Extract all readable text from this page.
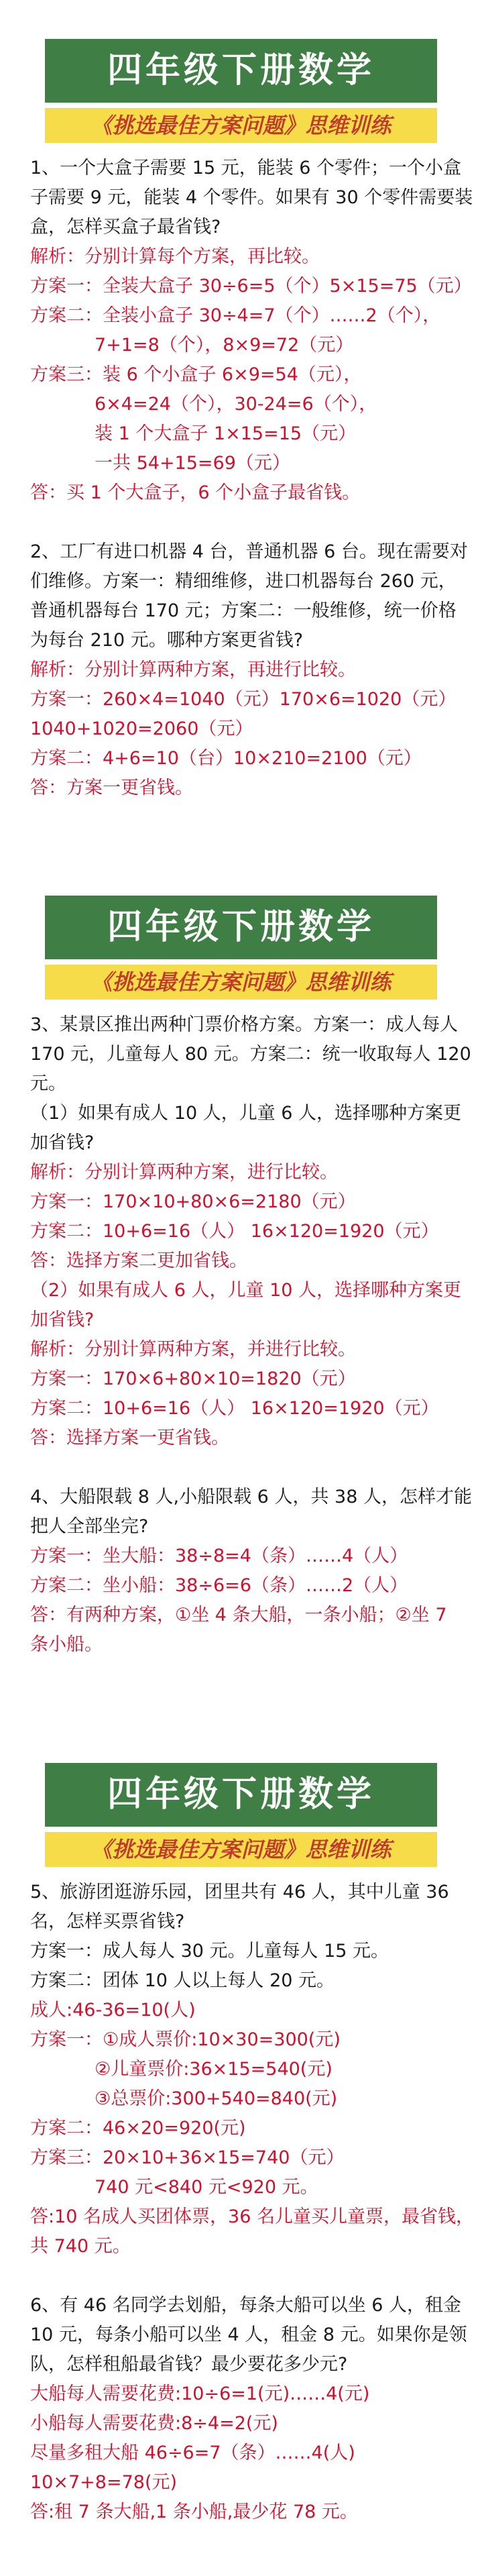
四年级下册数学
《挑选最佳方案问题》思维训练
1、一个大盒子需要 15 元，能装 6 个零件；一个小盒
子需要 9 元，能装 4 个零件。如果有 30 个零件需要装
盒，怎样买盒子最省钱?
解析：分别计算每个方案，再比较。
方案一：全装大盒子 30÷6=5（个）5×15=75（元）
方案二：全装小盒子 30÷4=7（个）……2（个），
7+1=8（个），8×9=72（元）
方案三：装 6 个小盒子 6×9=54（元），
6×4=24（个），30-24=6（个），
装 1 个大盒子 1×15=15（元）
一共 54+15=69（元）
答：买 1 个大盒子，6 个小盒子最省钱。
2、工厂有进口机器 4 台，普通机器 6 台。现在需要对
们维修。方案一：精细维修，进口机器每台 260 元，
普通机器每台 170 元；方案二：一般维修，统一价格
为每台 210 元。哪种方案更省钱?
解析：分别计算两种方案，再进行比较。
方案一：260×4=1040（元）170×6=1020（元）
1040+1020=2060（元）
方案二：4+6=10（台）10×210=2100（元）
答：方案一更省钱。
四年级下册数学
《挑选最佳方案问题》思维训练
3、某景区推出两种门票价格方案。方案一：成人每人
170 元，儿童每人 80 元。方案二：统一收取每人 120
元。
（1）如果有成人 10 人，儿童 6 人，选择哪种方案更
加省钱?
解析：分别计算两种方案，进行比较。
方案一：170×10+80×6=2180（元）
方案二：10+6=16（人） 16×120=1920（元）
答：选择方案二更加省钱。
（2）如果有成人 6 人，儿童 10 人，选择哪种方案更
加省钱?
解析：分别计算两种方案，并进行比较。
方案一：170×6+80×10=1820（元）
方案二：10+6=16（人） 16×120=1920（元）
答：选择方案一更省钱。
4、大船限载 8 人,小船限载 6 人，共 38 人，怎样才能
把人全部坐完?
方案一：坐大船：38÷8=4（条）……4（人）
方案二：坐小船：38÷6=6（条）……2（人）
答：有两种方案，①坐 4 条大船，一条小船；②坐 7
条小船。
四年级下册数学
《挑选最佳方案问题》思维训练
5、旅游团逛游乐园，团里共有 46 人，其中儿童 36
名，怎样买票省钱?
方案一：成人每人 30 元。儿童每人 15 元。
方案二：团体 10 人以上每人 20 元。
成人:46-36=10(人)
方案一：①成人票价:10×30=300(元)
②儿童票价:36×15=540(元)
③总票价:300+540=840(元)
方案二：46×20=920(元)
方案三：20×10+36×15=740（元）
740 元<840 元<920 元。
答:10 名成人买团体票，36 名儿童买儿童票，最省钱，
共 740 元。
6、有 46 名同学去划船，每条大船可以坐 6 人，租金
10 元，每条小船可以坐 4 人，租金 8 元。如果你是领
队，怎样租船最省钱？最少要花多少元?
大船每人需要花费:10÷6=1(元)……4(元)
小船每人需要花费:8÷4=2(元)
尽量多租大船 46÷6=7（条）……4(人)
10×7+8=78(元)
答:租 7 条大船,1 条小船,最少花 78 元。
